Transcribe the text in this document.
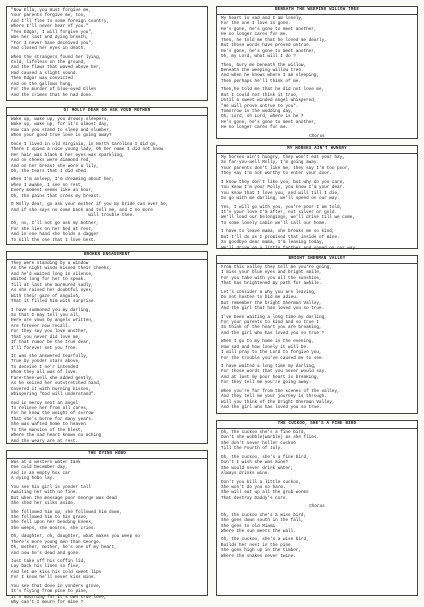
"Now Ella, you must forgive me,
Your parents forgive me, too,
And I'll flee to some foreign country,
Where I'll never hear of you."
"Yes Edgar, I will forgive you",
Was her last and dying breath,
"For I never have deceived you",
And closed her eyes in death.
When the strangers found her lying,
Cold, lifeless on the ground,
And the flaws that waved above her,
Had caused a slight sound.
Then Edgar was convicted
And on the gallows hung,
For the murder of blue-eyed Ellen
And the crimes that he had done.
O! MOLLY DEAR GO ASK YOUR MOTHER
Wake up, wake up, you drowsy sleepers,
Wake up, wake up, for it's almost day,
How can you stand to sleep and slumber,
When your good true love is going away?
Once I lived in old Virginia, in North Carolina I did go,
There I spied a nice young lady, Oh her name I did not know
Her hair was black & her eyes was sparkling,
And on cheeks were diamond red,
And on her breast she wore a lily,
Oh, the tears that I did shed.
When I'm asleep, I'm dreaming about her,
When I awake, I see no rest,
Every moment seems like an hour,
Oh, the pains that cross my breast.
O Molly dear, go ask your mother if you my bride can ever be,
And if she says no come back and tell me, and I no more
will trouble thee.
Oh, no, I'll not go ask my mother,
For she lies on her bed at rest,
And in one hand she holds a dagger
To kill the one that I love best.
BROKEN ENGAGEMENT
They were standing by a window
As the night winds kissed their cheeks,
And he'd waited long in silence,
Waited long for her to speak.
Till at last she murmured sadly,
As she raised her doubtful eyes,
With their gaze of anguish,
That it filled him with surprise.
I have summoned you my darling,
So that I may tell you all,
Here are vows by angels written,
Are forever now recall.
For they say you love another,
That you never did love me,
If that rumor be the true dear,
I'll forever set you free.
It was she answered tearfully,
True by yonder stars above,
To deceive I ne'r intended
Whom they all was of love.
Fare-thee-well she added gently,
As he seized her outstretched hand,
Covered it with burning kisses,
Whispering "God will understand".
God in mercy sent an angel
To relieve her from all cares,
For he knew the weight of sorrow
That she's borne for many years.
She was wafted home to heaven
To the mansion of the blest,
Where the sad heart knows no aching
And the weary are at rest.
THE DYING HOBO
Was at a western water tank
One cold December day,
And in an empty box car
A dying hobo lay.
You see his girl is yonder tall
Awaiting her with no fine.
But when the message poor George was dead
She shed her silks aside.
She followed him up, she followed him down,
She followed him to his grave,
She fell upon her bending knees,
She weeps, she mourns, she cries.
Oh, daughter, oh, daughter, what makes you weep so
There's more young men than George.
Oh, mother, mother, he's one of my heart,
And now he's dead and gone.
Just take off his coffin lid,
Lay back his linen so fine,
And let me kiss his cold sweet lips
For I know he'll never kiss mine.
You see that dove in yonders grove,
It's flying from pine to pine,
It's mourning for it's own true love,
Why can't I mourn for mine ?
BENEATH THE WEEPING WILLOW TREE
My heart is sad and I am lonely,
For the one I love is gone.
He's gone, he's gone to meet another,
He no longer cares for me.
Then, he told me that he loved me dearly,
But those words have proved untrue.
He's gone, he's gone to meet another,
Oh, my Lord, what will I do ?
Then, bury me beneath the willow,
Beneath the weeping willow tree.
And when he knows where I am sleeping,
Then perhaps he'll think of me.
Then,he told me that he did not love me,
But I could not think it true,
Until a sweet winded angel whispered,
"He will prove untrue to you".
Tomorrow is the wedding day,
Oh, Lord, oh Lord, where is he ?
He's gone, he's gone to meet another,
He no longer cares for me.
Chorus
MY HORSES AIN'T HUNGRY
My horses ain't hungry, they won't eat your hay,
So far-you-well Molly, I'm going away.
Your parents don't like me, they say I'm too poor,
They say I'm not worthy to enter your door.
I know they don't like you, but why do you care,
You know I'm your Polly, you know I'm your dear.
You know that I love you, and will till I die,
So go with me darling, we'll speed on our way.
Yes, I will go with you, you're poor I am told,
It's your love I'm after, not silver or gold.
We'll load our belongings, we'll drive till we come,
To some lovely cabin we'll call our home.
I have to leave mama, she breaks me so kind,
But I'll do as I promised that inside of mine.
So goodbye dear mama, I'm leaving today,
We'll drive on a little farther and speed on our way.
BRIGHT SHERMAN VALLEY
From this valley they tell me you're going,
I miss your blue eyes and bright smile,
For you take with you all the sunshine,
That has brightened my path for awhile.
Let's consider a why you are leaving,
Do not hasten to bid me adieu.
But remember the bright Sherman Valley,
And the girl that has loved you so true.
I've been waiting a long time my darling,
For your parents to kind and so true I
So think of the heart you are breaking,
And the girl who has loved you so true ?
When I go to my home in the evening,
How sad and how lonely it will be.
I will pray to the Lord to forgive you,
For the trouble you've caused me to see.
I have waited a long time my darling,
For those words that you never would say.
And at last my poor heart is breaking,
For they tell me you're going away.
When you're far from the scenes of the valley,
And they tell me your journey is through.
Will you think of the bright Sherman Valley,
And the girl who has loved you so true.
THE CUCKOO, SHE'S A FINE BIRD
Oh, the cuckoo she's a fine bird,
Don't she wobble(warble) as she flies.
She don't never holler cuckoo
Till the Fourth of July.
Oh, the cuckoo, she's a fine bird,
Don't I wish she was mine?
She would never drink water,
Always drinks wine.
Don't you kill a little cuckoo,
She won't do you no harm.
She will eat up all the grub worms
That destroy Daddy's corn.
Chorus
Oh, the cuckoo she's a wise bird,
She goes down south in the fall,
She goes to old Miami
Where the sun meets the wall.
Oh, the cuckoo, she's a wise bird,
Builds her nest in the pine.
She goes high up in the timber,
Where the snakes never twine.
